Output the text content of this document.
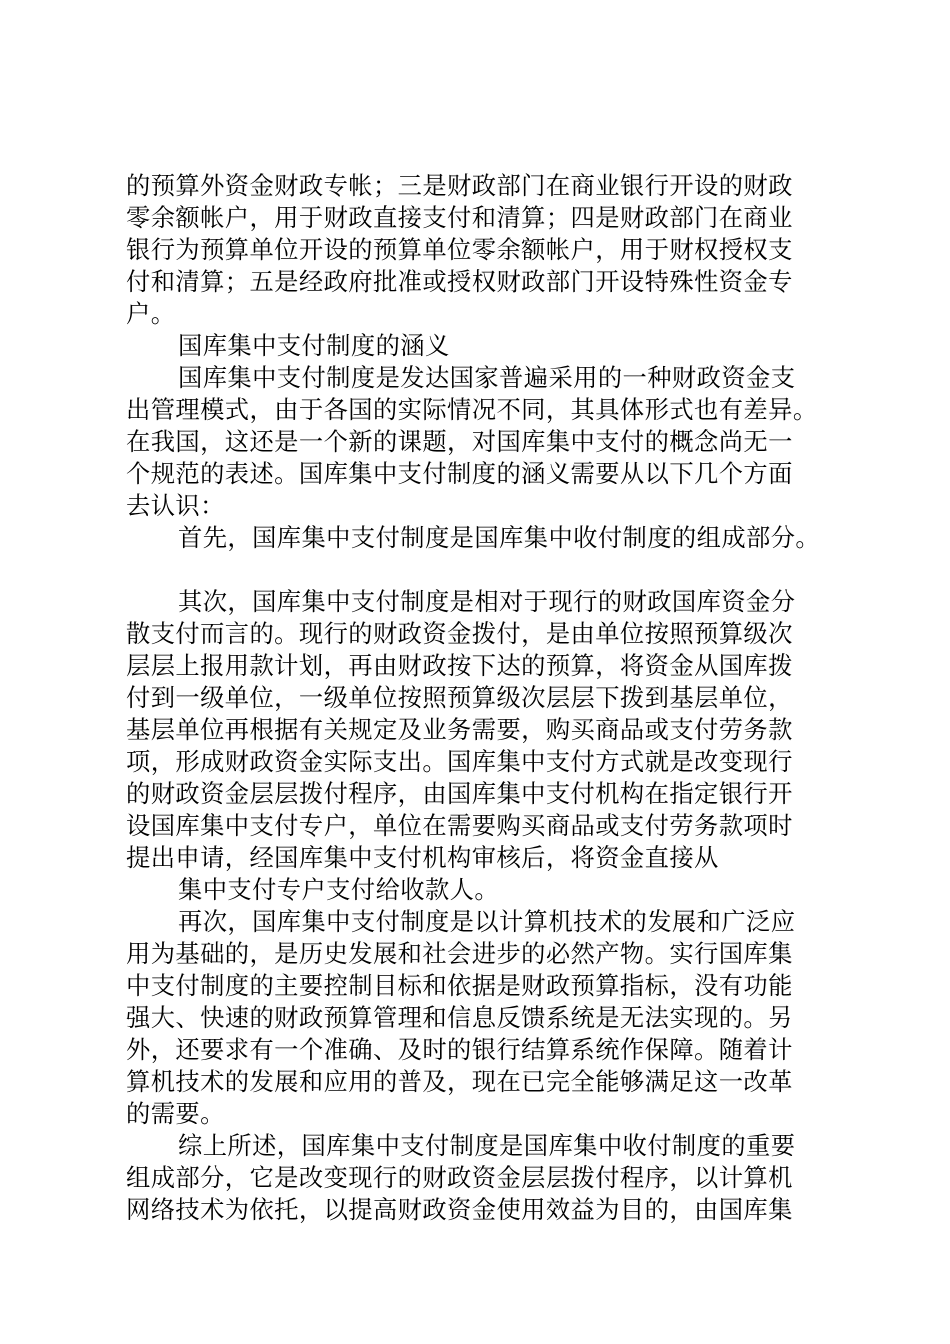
的预算外资金财政专帐；三是财政部门在商业银行开设的财政
零余额帐户，用于财政直接支付和清算；四是财政部门在商业
银行为预算单位开设的预算单位零余额帐户，用于财权授权支
付和清算；五是经政府批准或授权财政部门开设特殊性资金专
户。
国库集中支付制度的涵义
国库集中支付制度是发达国家普遍采用的一种财政资金支
出管理模式，由于各国的实际情况不同，其具体形式也有差异。
在我国，这还是一个新的课题，对国库集中支付的概念尚无一
个规范的表述。国库集中支付制度的涵义需要从以下几个方面
去认识：
首先，国库集中支付制度是国库集中收付制度的组成部分。
其次，国库集中支付制度是相对于现行的财政国库资金分
散支付而言的。现行的财政资金拨付，是由单位按照预算级次
层层上报用款计划，再由财政按下达的预算，将资金从国库拨
付到一级单位，一级单位按照预算级次层层下拨到基层单位，
基层单位再根据有关规定及业务需要，购买商品或支付劳务款
项，形成财政资金实际支出。国库集中支付方式就是改变现行
的财政资金层层拨付程序，由国库集中支付机构在指定银行开
设国库集中支付专户，单位在需要购买商品或支付劳务款项时
提出申请，经国库集中支付机构审核后，将资金直接从
集中支付专户支付给收款人。
再次，国库集中支付制度是以计算机技术的发展和广泛应
用为基础的，是历史发展和社会进步的必然产物。实行国库集
中支付制度的主要控制目标和依据是财政预算指标，没有功能
强大、快速的财政预算管理和信息反馈系统是无法实现的。另
外，还要求有一个准确、及时的银行结算系统作保障。随着计
算机技术的发展和应用的普及，现在已完全能够满足这一改革
的需要。
综上所述，国库集中支付制度是国库集中收付制度的重要
组成部分，它是改变现行的财政资金层层拨付程序，以计算机
网络技术为依托，以提高财政资金使用效益为目的，由国库集
